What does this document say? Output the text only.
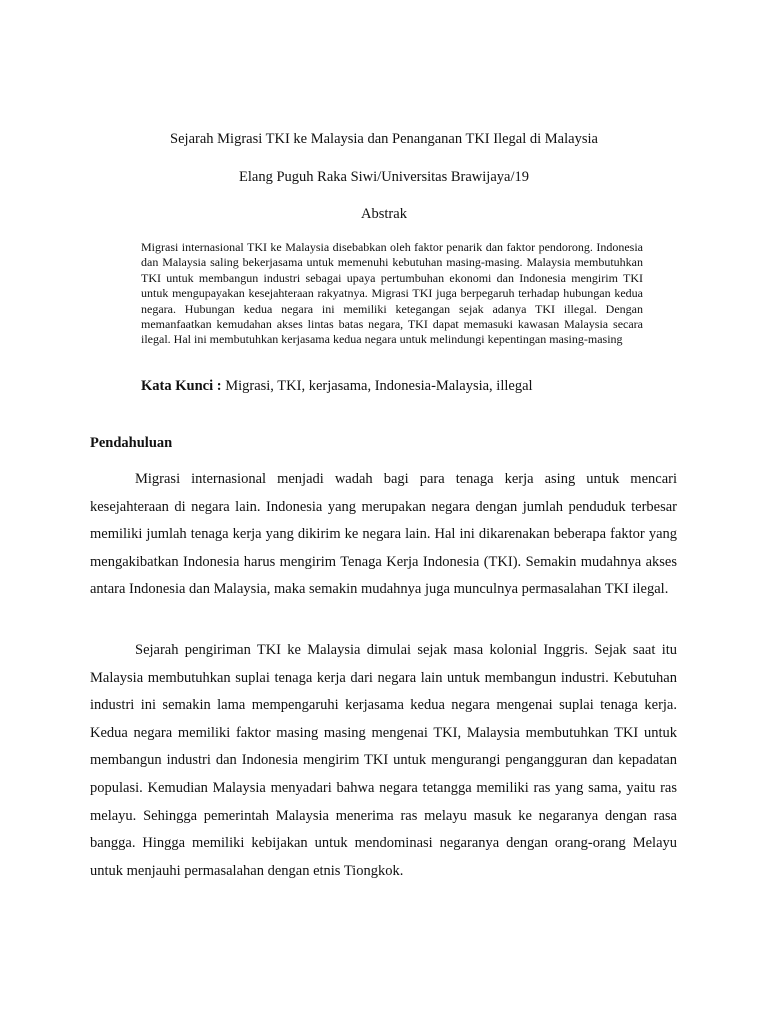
Sejarah Migrasi TKI ke Malaysia dan Penanganan TKI Ilegal di Malaysia
Elang Puguh Raka Siwi/Universitas Brawijaya/19
Abstrak

Migrasi internasional TKI ke Malaysia disebabkan oleh faktor penarik dan faktor pendorong. Indonesia dan Malaysia saling bekerjasama untuk memenuhi kebutuhan masing-masing. Malaysia membutuhkan TKI untuk membangun industri sebagai upaya pertumbuhan ekonomi dan Indonesia mengirim TKI untuk mengupayakan kesejahteraan rakyatnya. Migrasi TKI juga berpegaruh terhadap hubungan kedua negara. Hubungan kedua negara ini memiliki ketegangan sejak adanya TKI illegal. Dengan memanfaatkan kemudahan akses lintas batas negara, TKI dapat memasuki kawasan Malaysia secara ilegal. Hal ini membutuhkan kerjasama kedua negara untuk melindungi kepentingan masing-masing

Kata Kunci : Migrasi, TKI, kerjasama, Indonesia-Malaysia, illegal

Pendahuluan

Migrasi internasional menjadi wadah bagi para tenaga kerja asing untuk mencari kesejahteraan di negara lain. Indonesia yang merupakan negara dengan jumlah penduduk terbesar memiliki jumlah tenaga kerja yang dikirim ke negara lain. Hal ini dikarenakan beberapa faktor yang mengakibatkan Indonesia harus mengirim Tenaga Kerja Indonesia (TKI). Semakin mudahnya akses antara Indonesia dan Malaysia, maka semakin mudahnya juga munculnya permasalahan TKI ilegal.

Sejarah pengiriman TKI ke Malaysia dimulai sejak masa kolonial Inggris. Sejak saat itu Malaysia membutuhkan suplai tenaga kerja dari negara lain untuk membangun industri. Kebutuhan industri ini semakin lama mempengaruhi kerjasama kedua negara mengenai suplai tenaga kerja. Kedua negara memiliki faktor masing masing mengenai TKI, Malaysia membutuhkan TKI untuk membangun industri dan Indonesia mengirim TKI untuk mengurangi pengangguran dan kepadatan populasi. Kemudian Malaysia menyadari bahwa negara tetangga memiliki ras yang sama, yaitu ras melayu. Sehingga pemerintah Malaysia menerima ras melayu masuk ke negaranya dengan rasa bangga. Hingga memiliki kebijakan untuk mendominasi negaranya dengan orang-orang Melayu untuk menjauhi permasalahan dengan etnis Tiongkok.
